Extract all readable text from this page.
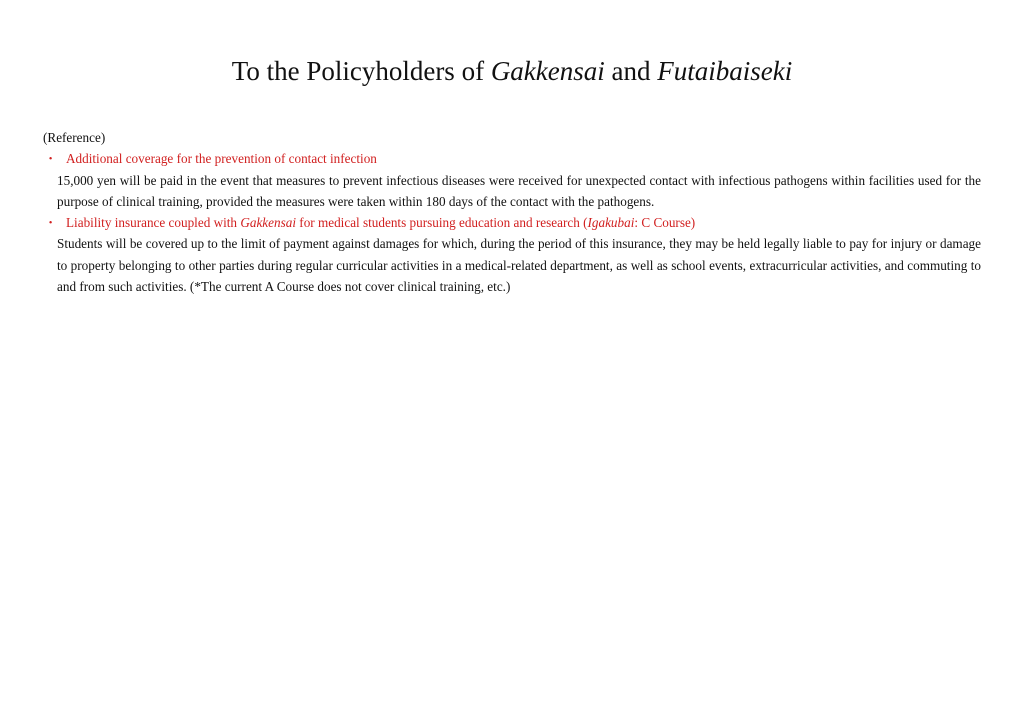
To the Policyholders of Gakkensai and Futaibaiseki
(Reference)
・ Additional coverage for the prevention of contact infection
15,000 yen will be paid in the event that measures to prevent infectious diseases were received for unexpected contact with infectious pathogens within facilities used for the purpose of clinical training, provided the measures were taken within 180 days of the contact with the pathogens.
・ Liability insurance coupled with Gakkensai for medical students pursuing education and research (Igakubai: C Course)
Students will be covered up to the limit of payment against damages for which, during the period of this insurance, they may be held legally liable to pay for injury or damage to property belonging to other parties during regular curricular activities in a medical-related department, as well as school events, extracurricular activities, and commuting to and from such activities. (*The current A Course does not cover clinical training, etc.)
